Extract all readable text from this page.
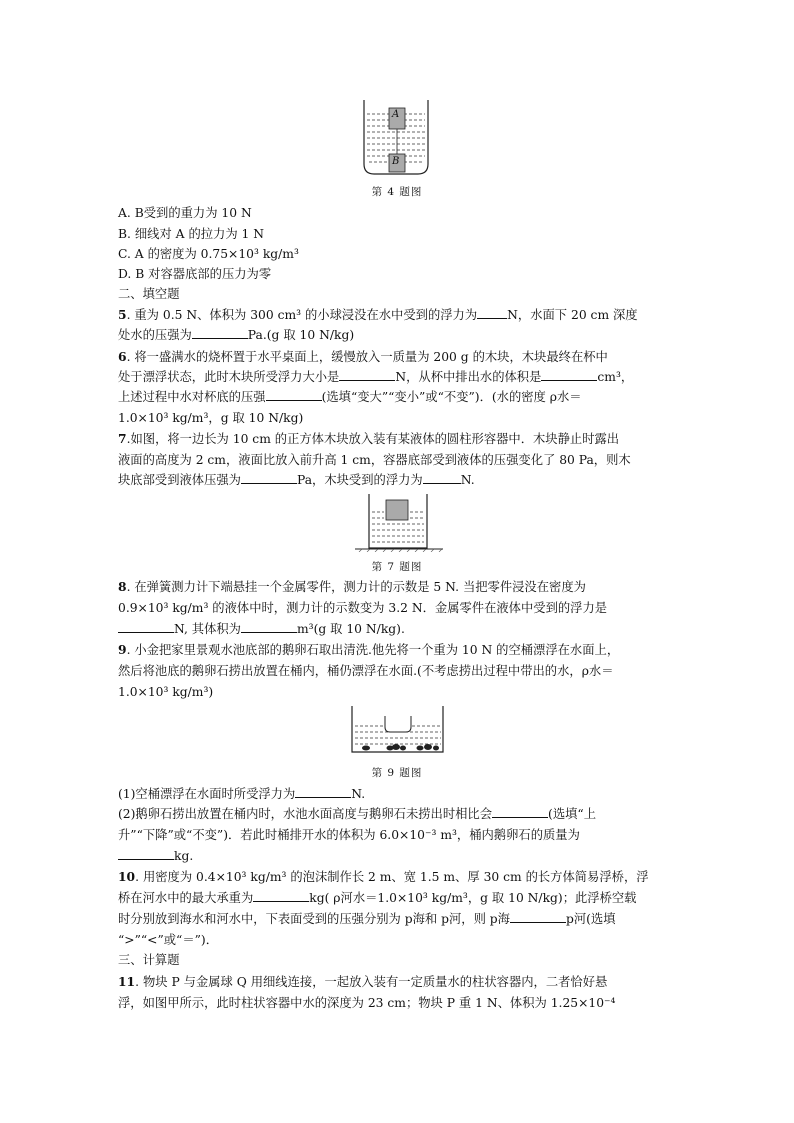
A
B
第 4 题图
A. B受到的重力为 10 N
B. 细线对 A 的拉力为 1 N
C. A 的密度为 0.75×10³ kg/m³
D. B 对容器底部的压力为零
二、填空题
5. 重为 0.5 N、体积为 300 cm³ 的小球浸没在水中受到的浮力为 N，水面下 20 cm 深度
处水的压强为	Pa.(g 取 10 N/kg)
6. 将一盛满水的烧杯置于水平桌面上，缓慢放入一质量为 200 g 的木块，木块最终在杯中
处于漂浮状态，此时木块所受浮力大小是	N，从杯中排出水的体积是	cm³，
上述过程中水对杯底的压强	(选填“变大”“变小”或“不变”)．(水的密度 ρ水＝
1.0×10³ kg/m³，g 取 10 N/kg)
7.如图，将一边长为 10 cm 的正方体木块放入装有某液体的圆柱形容器中．木块静止时露出
液面的高度为 2 cm，液面比放入前升高 1 cm，容器底部受到液体的压强变化了 80 Pa，则木
块底部受到液体压强为	Pa，木块受到的浮力为	N.
第 7 题图
8. 在弹簧测力计下端悬挂一个金属零件，测力计的示数是 5 N. 当把零件浸没在密度为
0.9×10³ kg/m³ 的液体中时，测力计的示数变为 3.2 N．金属零件在液体中受到的浮力是
N, 其体积为	m³(g 取 10 N/kg).
9. 小金把家里景观水池底部的鹅卵石取出清洗.他先将一个重为 10 N 的空桶漂浮在水面上，
然后将池底的鹅卵石捞出放置在桶内，桶仍漂浮在水面.(不考虑捞出过程中带出的水，ρ水＝
1.0×10³ kg/m³)
第 9 题图
(1)空桶漂浮在水面时所受浮力为	N.
(2)鹅卵石捞出放置在桶内时，水池水面高度与鹅卵石未捞出时相比会	(选填“上
升”“下降”或“不变”)．若此时桶排开水的体积为 6.0×10⁻³ m³，桶内鹅卵石的质量为
kg.
10. 用密度为 0.4×10³ kg/m³ 的泡沫制作长 2 m、宽 1.5 m、厚 30 cm 的长方体简易浮桥，浮
桥在河水中的最大承重为	kg( ρ河水＝1.0×10³ kg/m³，g 取 10 N/kg)；此浮桥空载
时分别放到海水和河水中，下表面受到的压强分别为 p海和 p河，则 p海	p河(选填
“>”“<”或“＝”)．
三、计算题
11. 物块 P 与金属球 Q 用细线连接，一起放入装有一定质量水的柱状容器内，二者恰好悬
浮，如图甲所示，此时柱状容器中水的深度为 23 cm；物块 P 重 1 N、体积为 1.25×10⁻⁴
